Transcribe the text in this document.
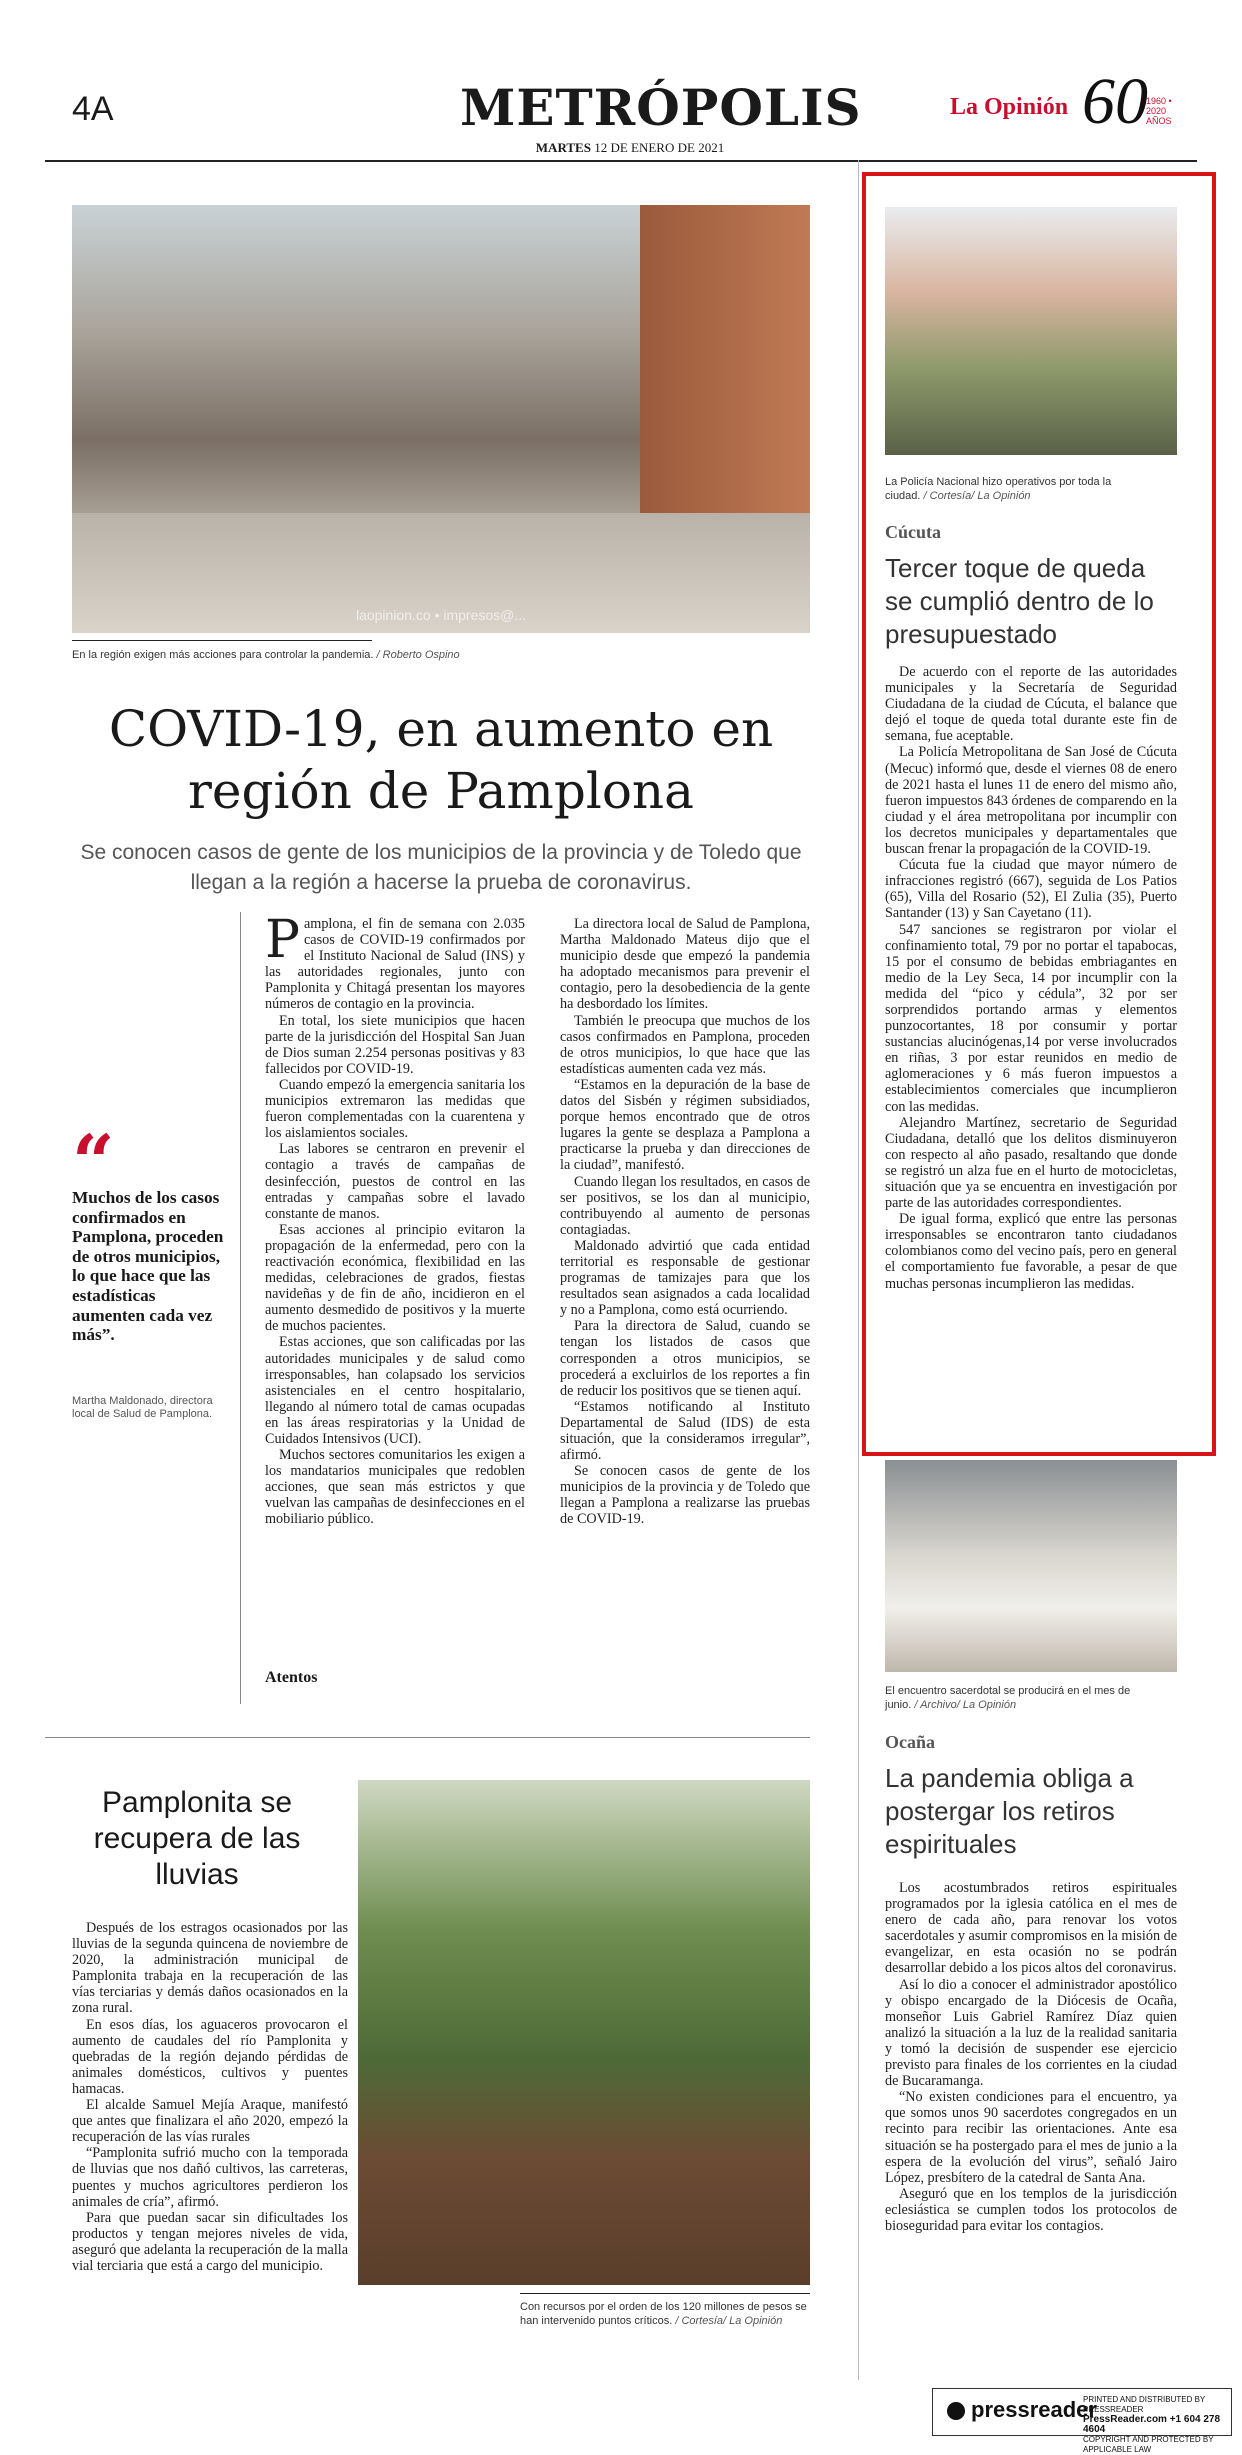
4A	METRÓPOLIS
MARTES 12 DE ENERO DE 2021
La Opinión 60
1960 • 2020
AÑOS
laopinion.co • impresos@...
En la región exigen más acciones para controlar la pandemia. / Roberto Ospino
COVID-19, en aumento en región de Pamplona
Se conocen casos de gente de los municipios de la provincia y de Toledo que llegan a la región a hacerse la prueba de coronavirus.
“
Muchos de los casos confirmados en Pamplona, proceden de otros municipios, lo que hace que las estadísticas aumenten cada vez más”.
Martha Maldonado, directora local de Salud de Pamplona.

Pamplona, el fin de semana con 2.035 casos de COVID-19 confirmados por el Instituto Nacional de Salud (INS) y las autoridades regionales, junto con Pamplonita y Chitagá presentan los mayores números de contagio en la provincia.

En total, los siete municipios que hacen parte de la jurisdicción del Hospital San Juan de Dios suman 2.254 personas positivas y 83 fallecidos por COVID-19.

Cuando empezó la emergencia sanitaria los municipios extremaron las medidas que fueron complementadas con la cuarentena y los aislamientos sociales.

Las labores se centraron en prevenir el contagio a través de campañas de desinfección, puestos de control en las entradas y campañas sobre el lavado constante de manos.

Esas acciones al principio evitaron la propagación de la enfermedad, pero con la reactivación económica, flexibilidad en las medidas, celebraciones de grados, fiestas navideñas y de fin de año, incidieron en el aumento desmedido de positivos y la muerte de muchos pacientes.

Estas acciones, que son calificadas por las autoridades municipales y de salud como irresponsables, han colapsado los servicios asistenciales en el centro hospitalario, llegando al número total de camas ocupadas en las áreas respiratorias y la Unidad de Cuidados Intensivos (UCI).

Muchos sectores comunitarios les exigen a los mandatarios municipales que redoblen acciones, que sean más estrictos y que vuelvan las campañas de desinfecciones en el mobiliario público.

Atentos

La directora local de Salud de Pamplona, Martha Maldonado Mateus dijo que el municipio desde que empezó la pandemia ha adoptado mecanismos para prevenir el contagio, pero la desobediencia de la gente ha desbordado los límites.

También le preocupa que muchos de los casos confirmados en Pamplona, proceden de otros municipios, lo que hace que las estadísticas aumenten cada vez más.

“Estamos en la depuración de la base de datos del Sisbén y régimen subsidiados, porque hemos encontrado que de otros lugares la gente se desplaza a Pamplona a practicarse la prueba y dan direcciones de la ciudad”, manifestó.

Cuando llegan los resultados, en casos de ser positivos, se los dan al municipio, contribuyendo al aumento de personas contagiadas.

Maldonado advirtió que cada entidad territorial es responsable de gestionar programas de tamizajes para que los resultados sean asignados a cada localidad y no a Pamplona, como está ocurriendo.

Para la directora de Salud, cuando se tengan los listados de casos que corresponden a otros municipios, se procederá a excluirlos de los reportes a fin de reducir los positivos que se tienen aquí.

“Estamos notificando al Instituto Departamental de Salud (IDS) de esta situación, que la consideramos irregular”, afirmó.

Se conocen casos de gente de los municipios de la provincia y de Toledo que llegan a Pamplona a realizarse las pruebas de COVID-19.

Pamplonita se recupera de las lluvias

Después de los estragos ocasionados por las lluvias de la segunda quincena de noviembre de 2020, la administración municipal de Pamplonita trabaja en la recuperación de las vías terciarias y demás daños ocasionados en la zona rural.

En esos días, los aguaceros provocaron el aumento de caudales del río Pamplonita y quebradas de la región dejando pérdidas de animales domésticos, cultivos y puentes hamacas.

El alcalde Samuel Mejía Araque, manifestó que antes que finalizara el año 2020, empezó la recuperación de las vías rurales

“Pamplonita sufrió mucho con la temporada de lluvias que nos dañó cultivos, las carreteras, puentes y muchos agricultores perdieron los animales de cría”, afirmó.

Para que puedan sacar sin dificultades los productos y tengan mejores niveles de vida, aseguró que adelanta la recuperación de la malla vial terciaria que está a cargo del municipio.

Con recursos por el orden de los 120 millones de pesos se han intervenido puntos críticos. / Cortesía/ La Opinión
La Policía Nacional hizo operativos por toda la ciudad. / Cortesía/ La Opinión
Cúcuta
Tercer toque de queda se cumplió dentro de lo presupuestado

De acuerdo con el reporte de las autoridades municipales y la Secretaría de Seguridad Ciudadana de la ciudad de Cúcuta, el balance que dejó el toque de queda total durante este fin de semana, fue aceptable.

La Policía Metropolitana de San José de Cúcuta (Mecuc) informó que, desde el viernes 08 de enero de 2021 hasta el lunes 11 de enero del mismo año, fueron impuestos 843 órdenes de comparendo en la ciudad y el área metropolitana por incumplir con los decretos municipales y departamentales que buscan frenar la propagación de la COVID-19.

Cúcuta fue la ciudad que mayor número de infracciones registró (667), seguida de Los Patios (65), Villa del Rosario (52), El Zulia (35), Puerto Santander (13) y San Cayetano (11).

547 sanciones se registraron por violar el confinamiento total, 79 por no portar el tapabocas, 15 por el consumo de bebidas embriagantes en medio de la Ley Seca, 14 por incumplir con la medida del “pico y cédula”, 32 por ser sorprendidos portando armas y elementos punzocortantes, 18 por consumir y portar sustancias alucinógenas,14 por verse involucrados en riñas, 3 por estar reunidos en medio de aglomeraciones y 6 más fueron impuestos a establecimientos comerciales que incumplieron con las medidas.

Alejandro Martínez, secretario de Seguridad Ciudadana, detalló que los delitos disminuyeron con respecto al año pasado, resaltando que donde se registró un alza fue en el hurto de motocicletas, situación que ya se encuentra en investigación por parte de las autoridades correspondientes.

De igual forma, explicó que entre las personas irresponsables se encontraron tanto ciudadanos colombianos como del vecino país, pero en general el comportamiento fue favorable, a pesar de que muchas personas incumplieron las medidas.

El encuentro sacerdotal se producirá en el mes de junio. / Archivo/ La Opinión
Ocaña
La pandemia obliga a postergar los retiros espirituales

Los acostumbrados retiros espirituales programados por la iglesia católica en el mes de enero de cada año, para renovar los votos sacerdotales y asumir compromisos en la misión de evangelizar, en esta ocasión no se podrán desarrollar debido a los picos altos del coronavirus.

Así lo dio a conocer el administrador apostólico y obispo encargado de la Diócesis de Ocaña, monseñor Luis Gabriel Ramírez Díaz quien analizó la situación a la luz de la realidad sanitaria y tomó la decisión de suspender ese ejercicio previsto para finales de los corrientes en la ciudad de Bucaramanga.

“No existen condiciones para el encuentro, ya que somos unos 90 sacerdotes congregados en un recinto para recibir las orientaciones. Ante esa situación se ha postergado para el mes de junio a la espera de la evolución del virus”, señaló Jairo López, presbítero de la catedral de Santa Ana.

Aseguró que en los templos de la jurisdicción eclesiástica se cumplen todos los protocolos de bioseguridad para evitar los contagios.

pressreader
PRINTED AND DISTRIBUTED BY PRESSREADER
PressReader.com +1 604 278 4604
COPYRIGHT AND PROTECTED BY APPLICABLE LAW
